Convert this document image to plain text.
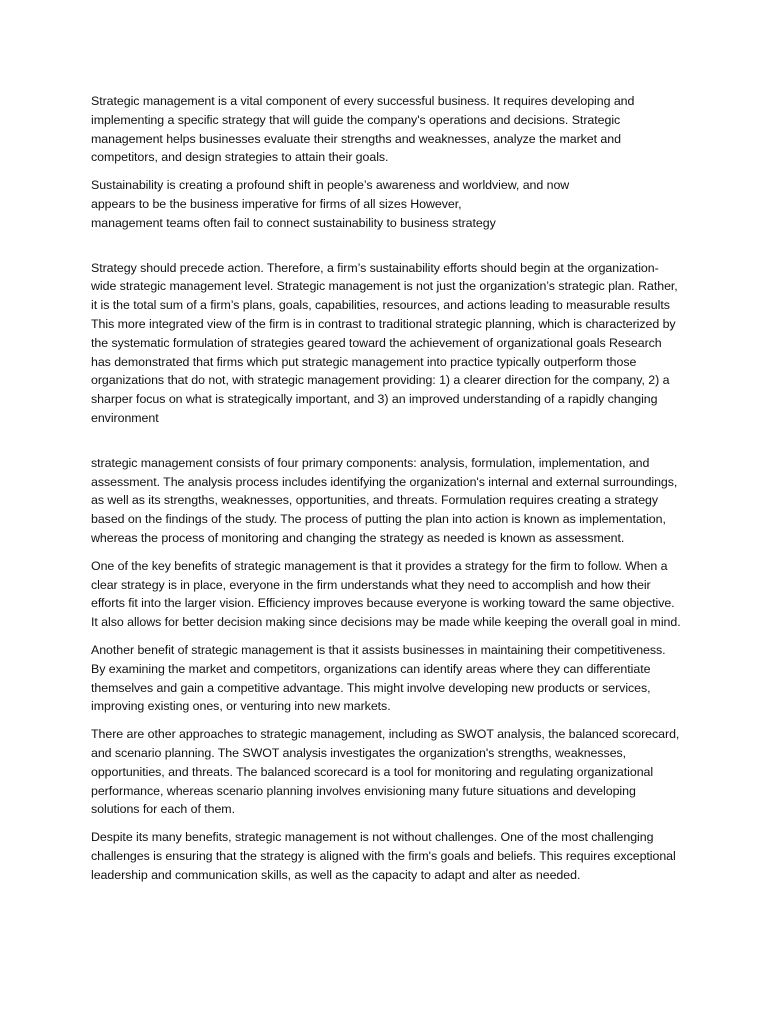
Strategic management is a vital component of every successful business. It requires developing and implementing a specific strategy that will guide the company's operations and decisions. Strategic management helps businesses evaluate their strengths and weaknesses, analyze the market and competitors, and design strategies to attain their goals.

Sustainability is creating a profound shift in people’s awareness and worldview, and now
appears to be the business imperative for firms of all sizes However,
management teams often fail to connect sustainability to business strategy

Strategy should precede action. Therefore, a firm’s sustainability efforts should begin at the organization-wide strategic management level. Strategic management is not just the organization’s strategic plan. Rather, it is the total sum of a firm’s plans, goals, capabilities, resources, and actions leading to measurable results This more integrated view of the firm is in contrast to traditional strategic planning, which is characterized by the systematic formulation of strategies geared toward the achievement of organizational goals Research has demonstrated that firms which put strategic management into practice typically outperform those organizations that do not, with strategic management providing: 1) a clearer direction for the company, 2) a sharper focus on what is strategically important, and 3) an improved understanding of a rapidly changing environment

strategic management consists of four primary components: analysis, formulation, implementation, and assessment. The analysis process includes identifying the organization's internal and external surroundings, as well as its strengths, weaknesses, opportunities, and threats. Formulation requires creating a strategy based on the findings of the study. The process of putting the plan into action is known as implementation, whereas the process of monitoring and changing the strategy as needed is known as assessment.

One of the key benefits of strategic management is that it provides a strategy for the firm to follow. When a clear strategy is in place, everyone in the firm understands what they need to accomplish and how their efforts fit into the larger vision. Efficiency improves because everyone is working toward the same objective. It also allows for better decision making since decisions may be made while keeping the overall goal in mind.

Another benefit of strategic management is that it assists businesses in maintaining their competitiveness. By examining the market and competitors, organizations can identify areas where they can differentiate themselves and gain a competitive advantage. This might involve developing new products or services, improving existing ones, or venturing into new markets.

There are other approaches to strategic management, including as SWOT analysis, the balanced scorecard, and scenario planning. The SWOT analysis investigates the organization's strengths, weaknesses, opportunities, and threats. The balanced scorecard is a tool for monitoring and regulating organizational performance, whereas scenario planning involves envisioning many future situations and developing solutions for each of them.

Despite its many benefits, strategic management is not without challenges. One of the most challenging challenges is ensuring that the strategy is aligned with the firm's goals and beliefs. This requires exceptional leadership and communication skills, as well as the capacity to adapt and alter as needed.
